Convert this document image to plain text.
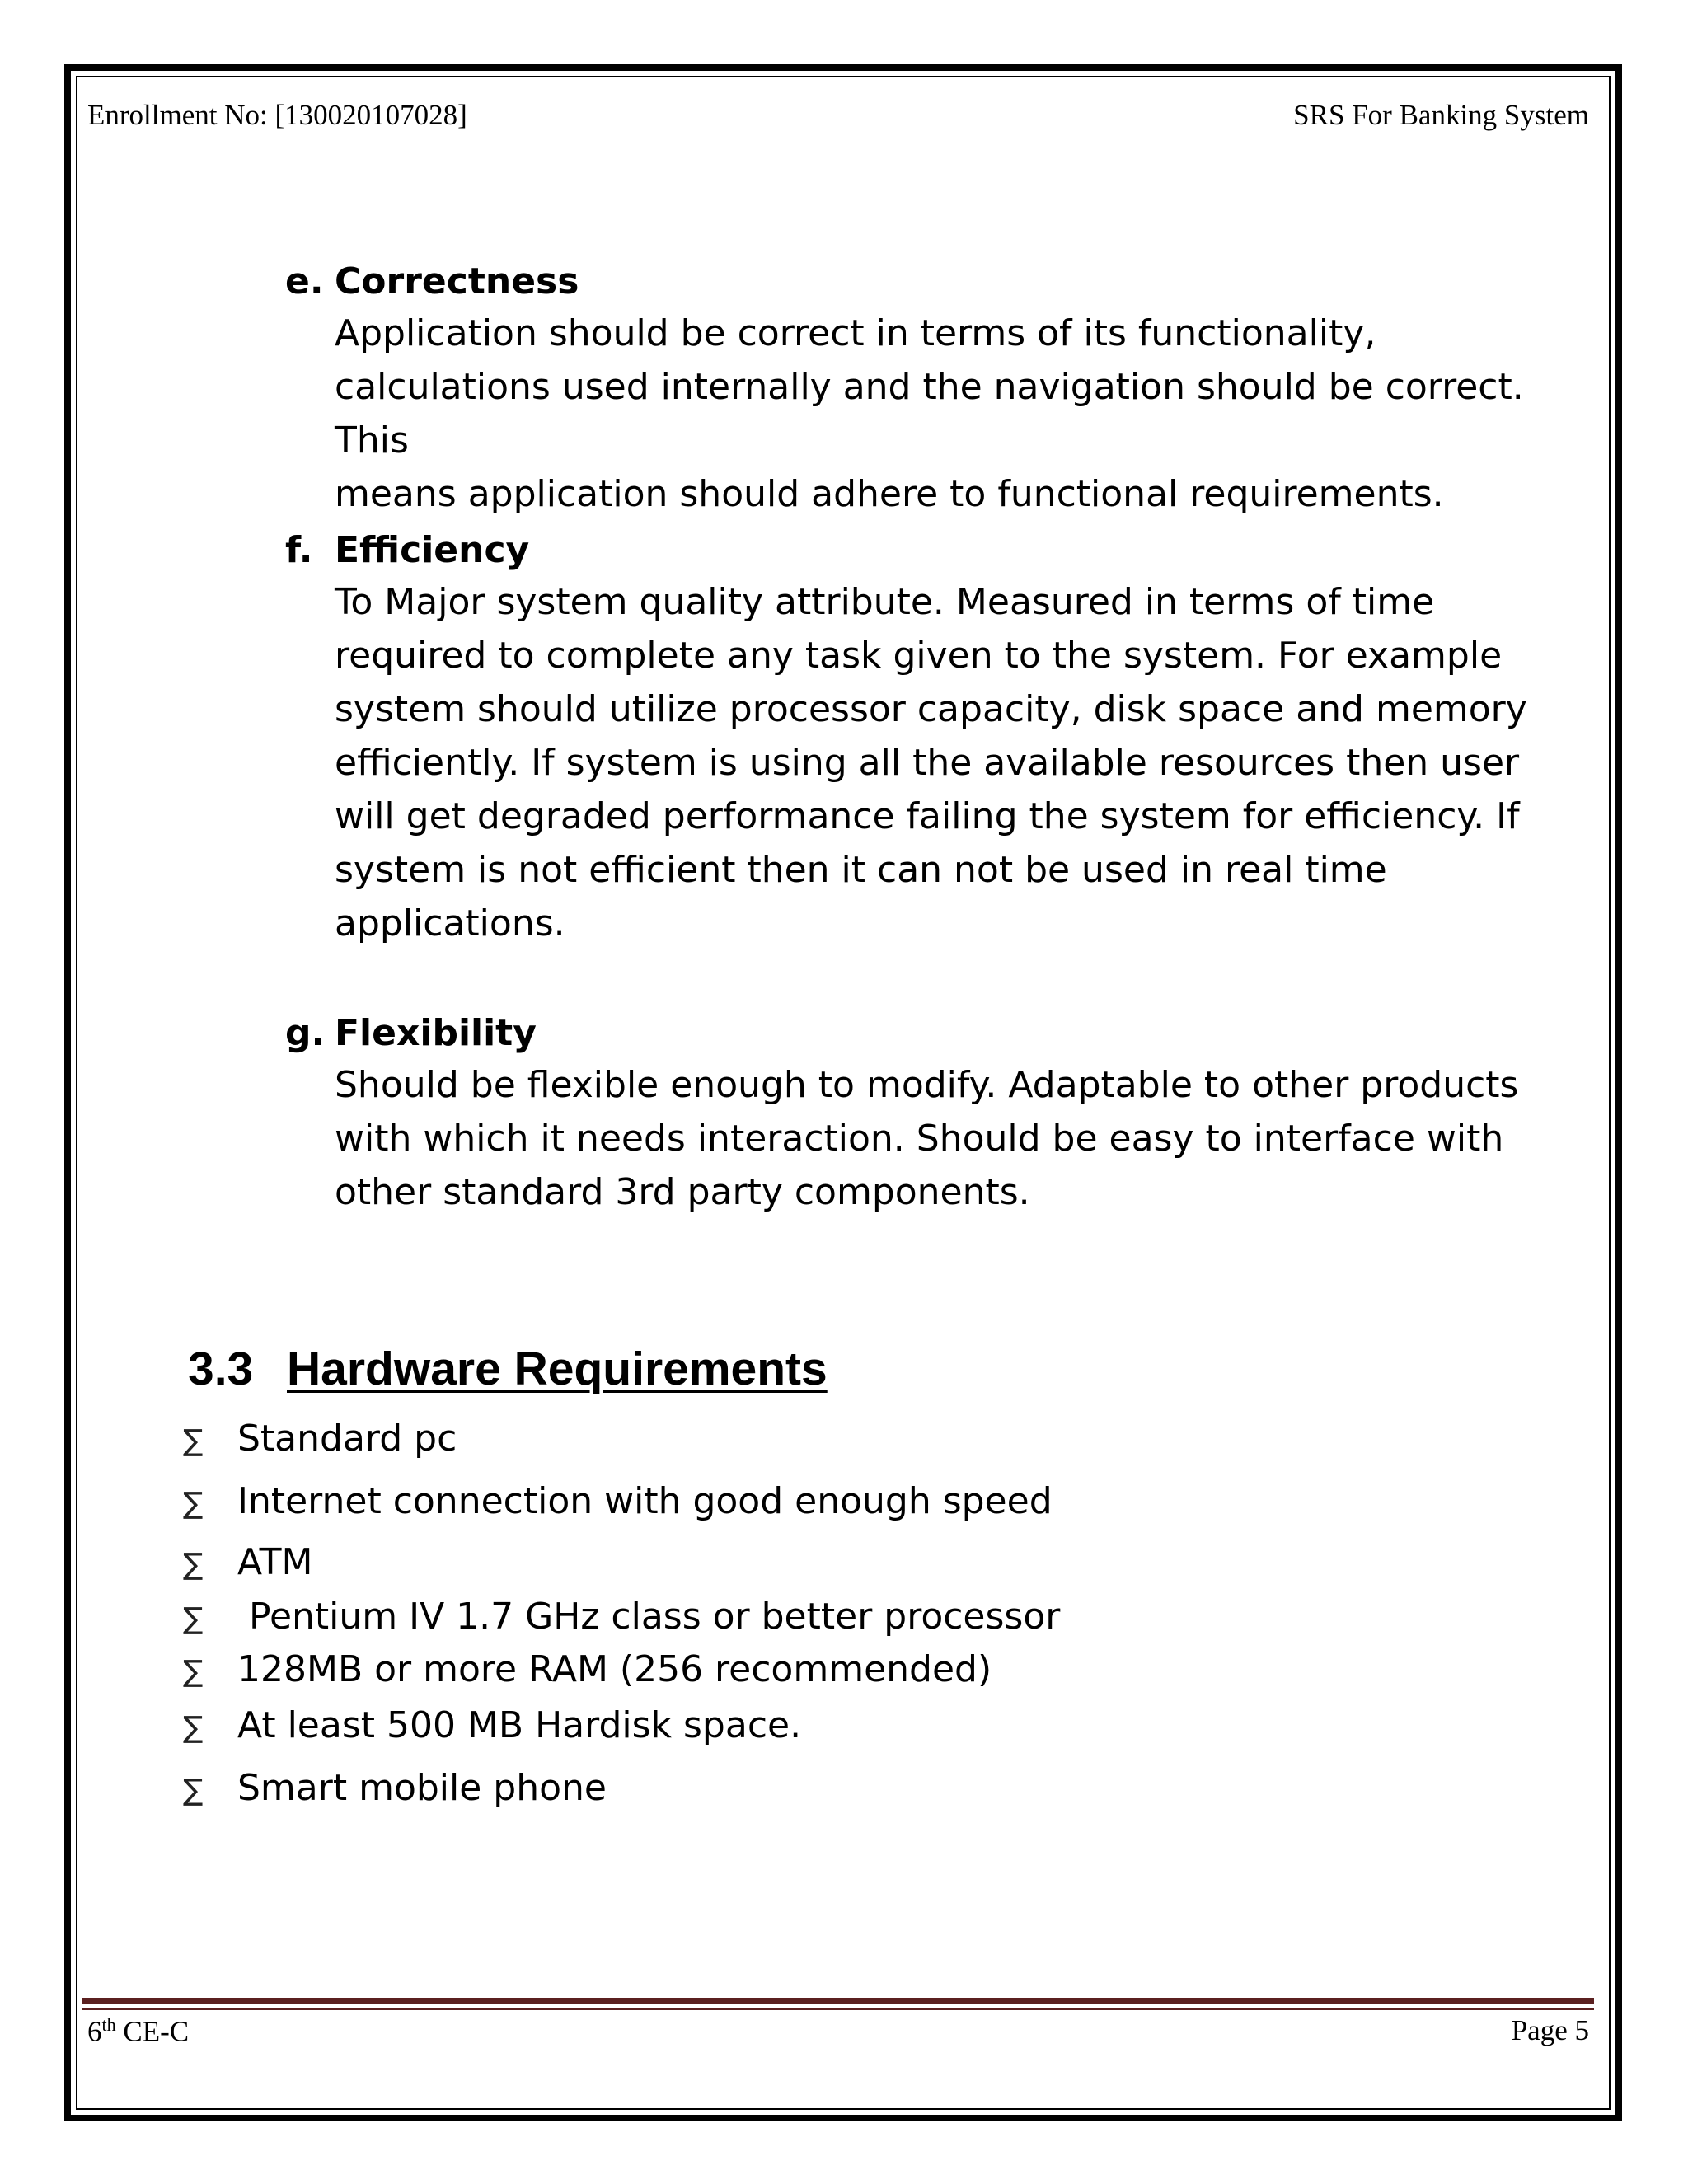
Enrollment No: [130020107028]	SRS For Banking System
e. Correctness
Application should be correct in terms of its functionality,
calculations used internally and the navigation should be correct. This
means application should adhere to functional requirements.
f. Efficiency
To Major system quality attribute. Measured in terms of time
required to complete any task given to the system. For example
system should utilize processor capacity, disk space and memory
efficiently. If system is using all the available resources then user
will get degraded performance failing the system for efficiency. If
system is not efficient then it can not be used in real time
applications.
g. Flexibility
Should be flexible enough to modify. Adaptable to other products
with which it needs interaction. Should be easy to interface with
other standard 3rd party components.
3.3 Hardware Requirements
∑ Standard pc
∑ Internet connection with good enough speed
∑ ATM
∑ Pentium IV 1.7 GHz class or better processor
∑ 128MB or more RAM (256 recommended)
∑ At least 500 MB Hardisk space.
∑ Smart mobile phone
6th CE-C	Page 5
